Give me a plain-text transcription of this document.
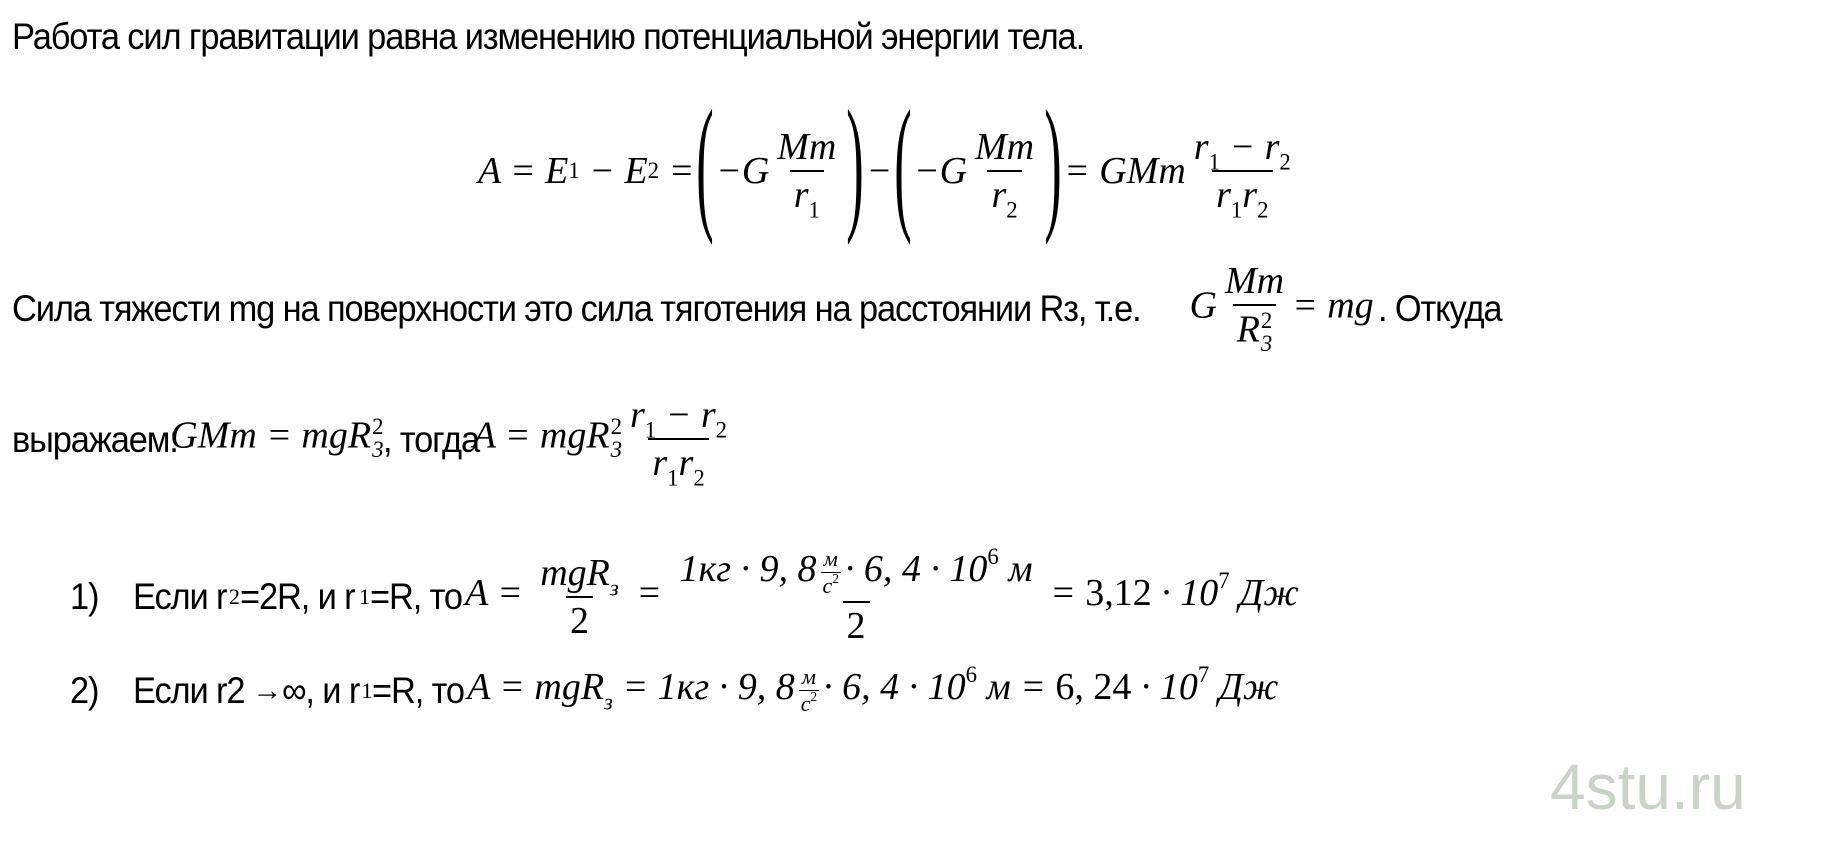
Работа сил гравитации равна изменению потенциальной энергии тела.
A = E 1 − E 2 = ( $-G \frac{Mm}{r_1}$ ) − ( $-G \frac{Mm}{r_2}$ ) = GMm $\frac{r_1 - r_2}{r_1r_2}$
Сила тяжести mg на поверхности это сила тяготения на расстоянии Rз, т.е. G Mm
R 2
3 = mg . Откуда
выражаем:
GMm = mgR 2
3 , тогда
A = mgR 2
$3 \frac{r_1 - r_2}{r_1r_2}$
1) Если r 2 =2R, и r 1 =R, то $A = \frac{mgR_з}{2} = \frac{1кг \cdot 9, 8 \frac{м}{с^2} \cdot 6, 4 \cdot 10^6 м}{2} = 3,12 \cdot 10^7$ Дж
2) Если r2 → ∞, и r 1 =R, то A = mgR$_з$ = 1кг · 9, $8 \frac{м}{с^2} \cdot 6$, $4 \cdot 10^6$ м = 6, $24 \cdot 10^7$ Дж
4stu.ru
